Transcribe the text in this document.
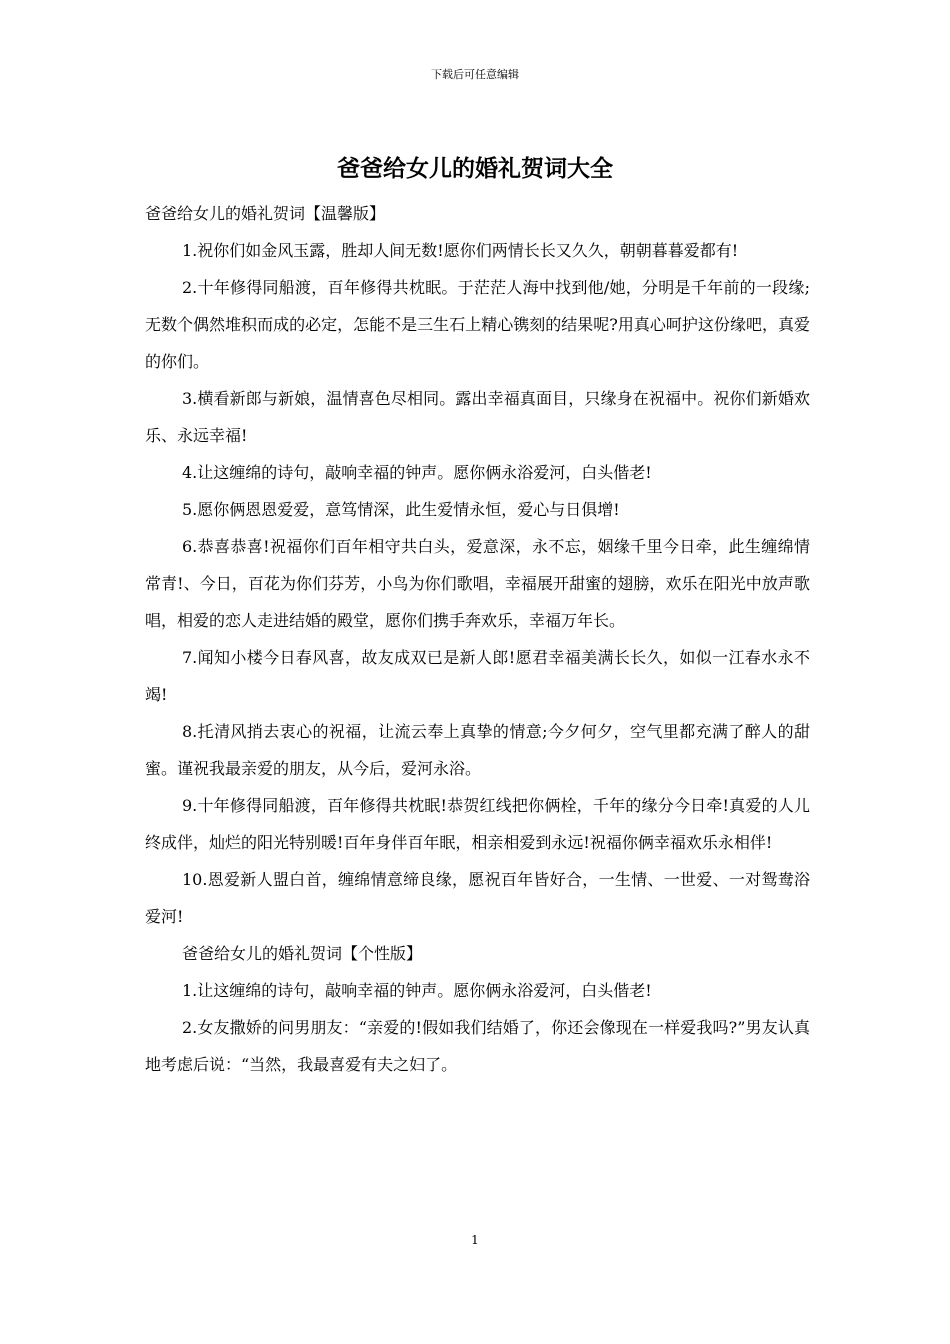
下载后可任意编辑
爸爸给女儿的婚礼贺词大全

爸爸给女儿的婚礼贺词【温馨版】

1.祝你们如金风玉露，胜却人间无数!愿你们两情长长又久久，朝朝暮暮爱都有!

2.十年修得同船渡，百年修得共枕眠。于茫茫人海中找到他/她，分明是千年前的一段缘;无数个偶然堆积而成的必定，怎能不是三生石上精心镌刻的结果呢?用真心呵护这份缘吧，真爱的你们。

3.横看新郎与新娘，温情喜色尽相同。露出幸福真面目，只缘身在祝福中。祝你们新婚欢乐、永远幸福!

4.让这缠绵的诗句，敲响幸福的钟声。愿你俩永浴爱河，白头偕老!

5.愿你俩恩恩爱爱，意笃情深，此生爱情永恒，爱心与日俱增!

6.恭喜恭喜!祝福你们百年相守共白头，爱意深，永不忘，姻缘千里今日牵，此生缠绵情常青!、今日，百花为你们芬芳，小鸟为你们歌唱，幸福展开甜蜜的翅膀，欢乐在阳光中放声歌唱，相爱的恋人走进结婚的殿堂，愿你们携手奔欢乐，幸福万年长。

7.闻知小楼今日春风喜，故友成双已是新人郎!愿君幸福美满长长久，如似一江春水永不竭!

8.托清风捎去衷心的祝福，让流云奉上真挚的情意;今夕何夕，空气里都充满了醉人的甜蜜。谨祝我最亲爱的朋友，从今后，爱河永浴。

9.十年修得同船渡，百年修得共枕眠!恭贺红线把你俩栓，千年的缘分今日牵!真爱的人儿终成伴，灿烂的阳光特别暖!百年身伴百年眠，相亲相爱到永远!祝福你俩幸福欢乐永相伴!

10.恩爱新人盟白首，缠绵情意缔良缘，愿祝百年皆好合，一生情、一世爱、一对鸳鸯浴爱河!

爸爸给女儿的婚礼贺词【个性版】

1.让这缠绵的诗句，敲响幸福的钟声。愿你俩永浴爱河，白头偕老!

2.女友撒娇的问男朋友：“亲爱的!假如我们结婚了，你还会像现在一样爱我吗?”男友认真地考虑后说：“当然，我最喜爱有夫之妇了。

1
